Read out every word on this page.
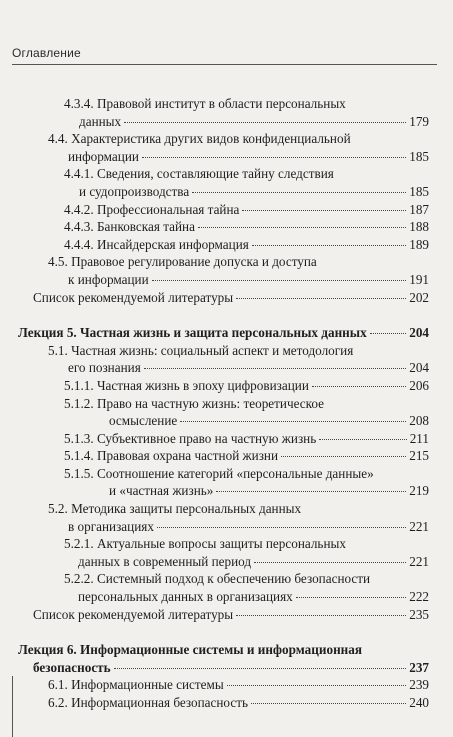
Оглавление
4.3.4. Правовой институт в области персональных
данных	179
4.4. Характеристика других видов конфиденциальной
информации	185
4.4.1. Сведения, составляющие тайну следствия
и судопроизводства	185
4.4.2. Профессиональная тайна	187
4.4.3. Банковская тайна	188
4.4.4. Инсайдерская информация	189
4.5. Правовое регулирование допуска и доступа
к информации	191
Список рекомендуемой литературы	202
Лекция 5. Частная жизнь и защита персональных данных	204
5.1. Частная жизнь: социальный аспект и методология
его познания	204
5.1.1. Частная жизнь в эпоху цифровизации	206
5.1.2. Право на частную жизнь: теоретическое
осмысление	208
5.1.3. Субъективное право на частную жизнь	211
5.1.4. Правовая охрана частной жизни	215
5.1.5. Соотношение категорий «персональные данные»
и «частная жизнь»	219
5.2. Методика защиты персональных данных
в организациях	221
5.2.1. Актуальные вопросы защиты персональных
данных в современный период	221
5.2.2. Системный подход к обеспечению безопасности
персональных данных в организациях	222
Список рекомендуемой литературы	235
Лекция 6. Информационные системы и информационная
безопасность	237
6.1. Информационные системы	239
6.2. Информационная безопасность	240
